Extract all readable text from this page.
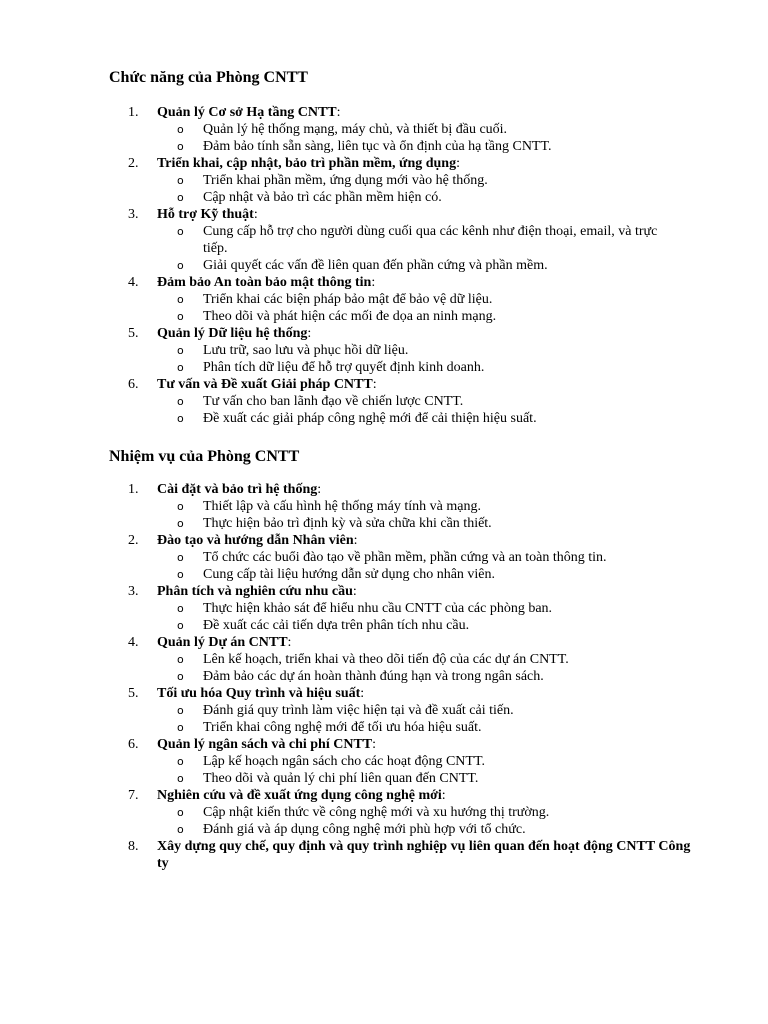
Chức năng của Phòng CNTT
1.	Quản lý Cơ sở Hạ tầng CNTT:
o Quản lý hệ thống mạng, máy chủ, và thiết bị đầu cuối.
o Đảm bảo tính sẵn sàng, liên tục và ổn định của hạ tầng CNTT.
2.	Triển khai, cập nhật, bảo trì phần mềm, ứng dụng:
o Triển khai phần mềm, ứng dụng mới vào hệ thống.
o Cập nhật và bảo trì các phần mềm hiện có.
3.	Hỗ trợ Kỹ thuật:
o Cung cấp hỗ trợ cho người dùng cuối qua các kênh như điện thoại, email, và trực tiếp.
o Giải quyết các vấn đề liên quan đến phần cứng và phần mềm.
4.	Đảm bảo An toàn bảo mật thông tin:
o Triển khai các biện pháp bảo mật để bảo vệ dữ liệu.
o Theo dõi và phát hiện các mối đe dọa an ninh mạng.
5.	Quản lý Dữ liệu hệ thống:
o Lưu trữ, sao lưu và phục hồi dữ liệu.
o Phân tích dữ liệu để hỗ trợ quyết định kinh doanh.
6.	Tư vấn và Đề xuất Giải pháp CNTT:
o Tư vấn cho ban lãnh đạo về chiến lược CNTT.
o Đề xuất các giải pháp công nghệ mới để cải thiện hiệu suất.
Nhiệm vụ của Phòng CNTT
1.	Cài đặt và bảo trì hệ thống:
o Thiết lập và cấu hình hệ thống máy tính và mạng.
o Thực hiện bảo trì định kỳ và sửa chữa khi cần thiết.
2.	Đào tạo và hướng dẫn Nhân viên:
o Tổ chức các buổi đào tạo về phần mềm, phần cứng và an toàn thông tin.
o Cung cấp tài liệu hướng dẫn sử dụng cho nhân viên.
3.	Phân tích và nghiên cứu nhu cầu:
o Thực hiện khảo sát để hiểu nhu cầu CNTT của các phòng ban.
o Đề xuất các cải tiến dựa trên phân tích nhu cầu.
4.	Quản lý Dự án CNTT:
o Lên kế hoạch, triển khai và theo dõi tiến độ của các dự án CNTT.
o Đảm bảo các dự án hoàn thành đúng hạn và trong ngân sách.
5.	Tối ưu hóa Quy trình và hiệu suất:
o Đánh giá quy trình làm việc hiện tại và đề xuất cải tiến.
o Triển khai công nghệ mới để tối ưu hóa hiệu suất.
6.	Quản lý ngân sách và chi phí CNTT:
o Lập kế hoạch ngân sách cho các hoạt động CNTT.
o Theo dõi và quản lý chi phí liên quan đến CNTT.
7.	Nghiên cứu và đề xuất ứng dụng công nghệ mới:
o Cập nhật kiến thức về công nghệ mới và xu hướng thị trường.
o Đánh giá và áp dụng công nghệ mới phù hợp với tổ chức.
8.	Xây dựng quy chế, quy định và quy trình nghiệp vụ liên quan đến hoạt động CNTT Công ty
